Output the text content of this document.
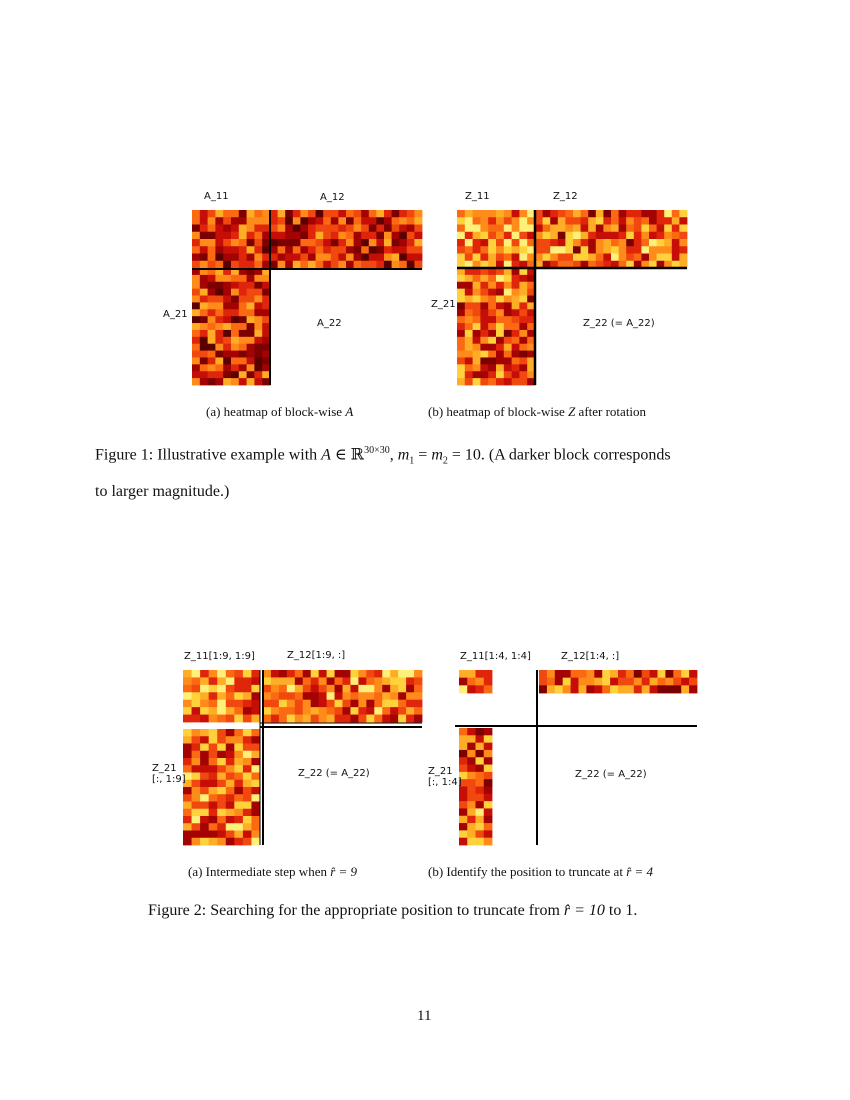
A_11	A_12
A_21
A_22
Z_11	Z_12
Z_21
Z_22 (= A_22)
(a) heatmap of block-wise A	(b) heatmap of block-wise Z after rotation
Figure 1: Illustrative example with A ∈ ℝ$^{30\times 30}$, $m_1 = m_2 = 10$. (A darker block corresponds
to larger magnitude.)
Z_11[1:9, 1:9]	Z_12[1:9, :]
Z_21
[:, 1:9]
Z_22 (= A_22)
Z_11[1:4, 1:4]	Z_12[1:4, :]
Z_21
[:, 1:4]
Z_22 (= A_22)
(a) Intermediate step when r̂ = 9	(b) Identify the position to truncate at r̂ = 4
Figure 2: Searching for the appropriate position to truncate from r̂ = 10 to 1.
11
